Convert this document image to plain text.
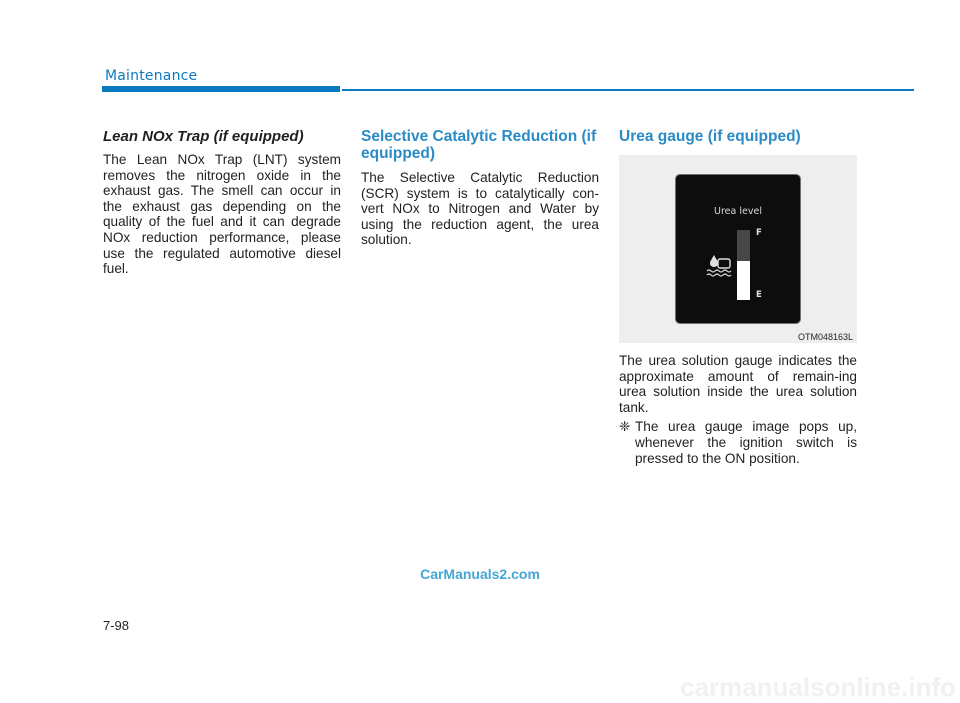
Maintenance

Lean NOx Trap (if equipped)

The Lean NOx Trap (LNT) system removes the nitrogen oxide in the exhaust gas. The smell can occur in the exhaust gas depending on the quality of the fuel and it can degrade NOx reduction performance, please use the regulated automotive diesel fuel.

Selective Catalytic Reduction (if equipped)

The Selective Catalytic Reduction (SCR) system is to catalytically con-vert NOx to Nitrogen and Water by using the reduction agent, the urea solution.

Urea gauge (if equipped)

Urea level
F
E
OTM048163L

The urea solution gauge indicates the approximate amount of remain-ing urea solution inside the urea solution tank.

❈ The urea gauge image pops up, whenever the ignition switch is pressed to the ON position.
CarManuals2.com
7-98
carmanualsonline.info
